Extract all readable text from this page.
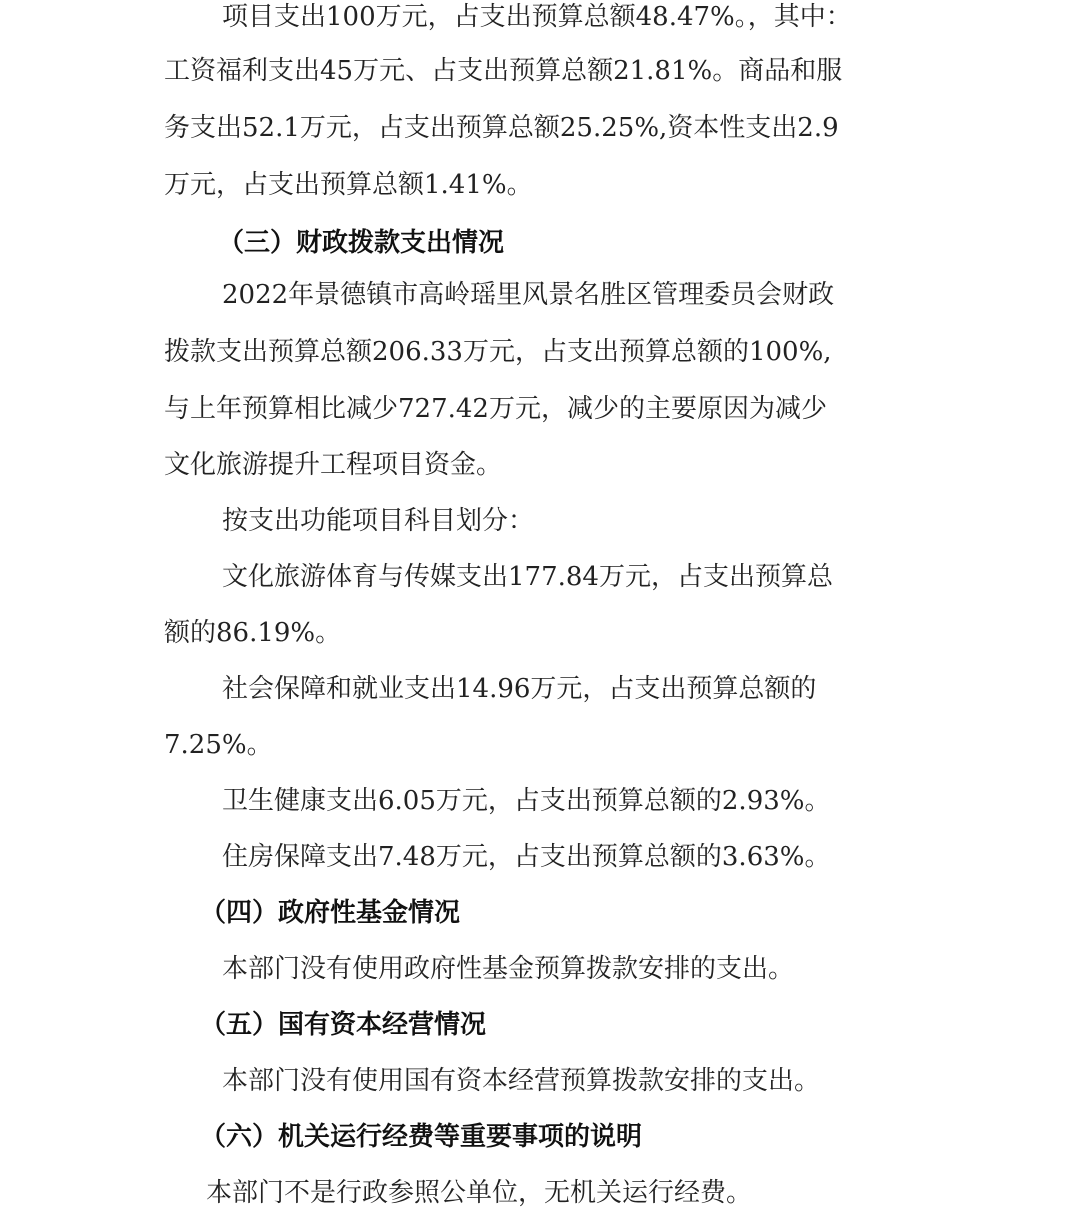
项目支出100万元，占支出预算总额48.47%。，其中：
工资福利支出45万元、占支出预算总额21.81%。商品和服
务支出52.1万元，占支出预算总额25.25%,资本性支出2.9
万元，占支出预算总额1.41%。
（三）财政拨款支出情况
2022年景德镇市高岭瑶里风景名胜区管理委员会财政
拨款支出预算总额206.33万元，占支出预算总额的100%,
与上年预算相比减少727.42万元，减少的主要原因为减少
文化旅游提升工程项目资金。
按支出功能项目科目划分：
文化旅游体育与传媒支出177.84万元，占支出预算总
额的86.19%。
社会保障和就业支出14.96万元，占支出预算总额的
7.25%。
卫生健康支出6.05万元，占支出预算总额的2.93%。
住房保障支出7.48万元，占支出预算总额的3.63%。
（四）政府性基金情况
本部门没有使用政府性基金预算拨款安排的支出。
（五）国有资本经营情况
本部门没有使用国有资本经营预算拨款安排的支出。
（六）机关运行经费等重要事项的说明
本部门不是行政参照公单位，无机关运行经费。
